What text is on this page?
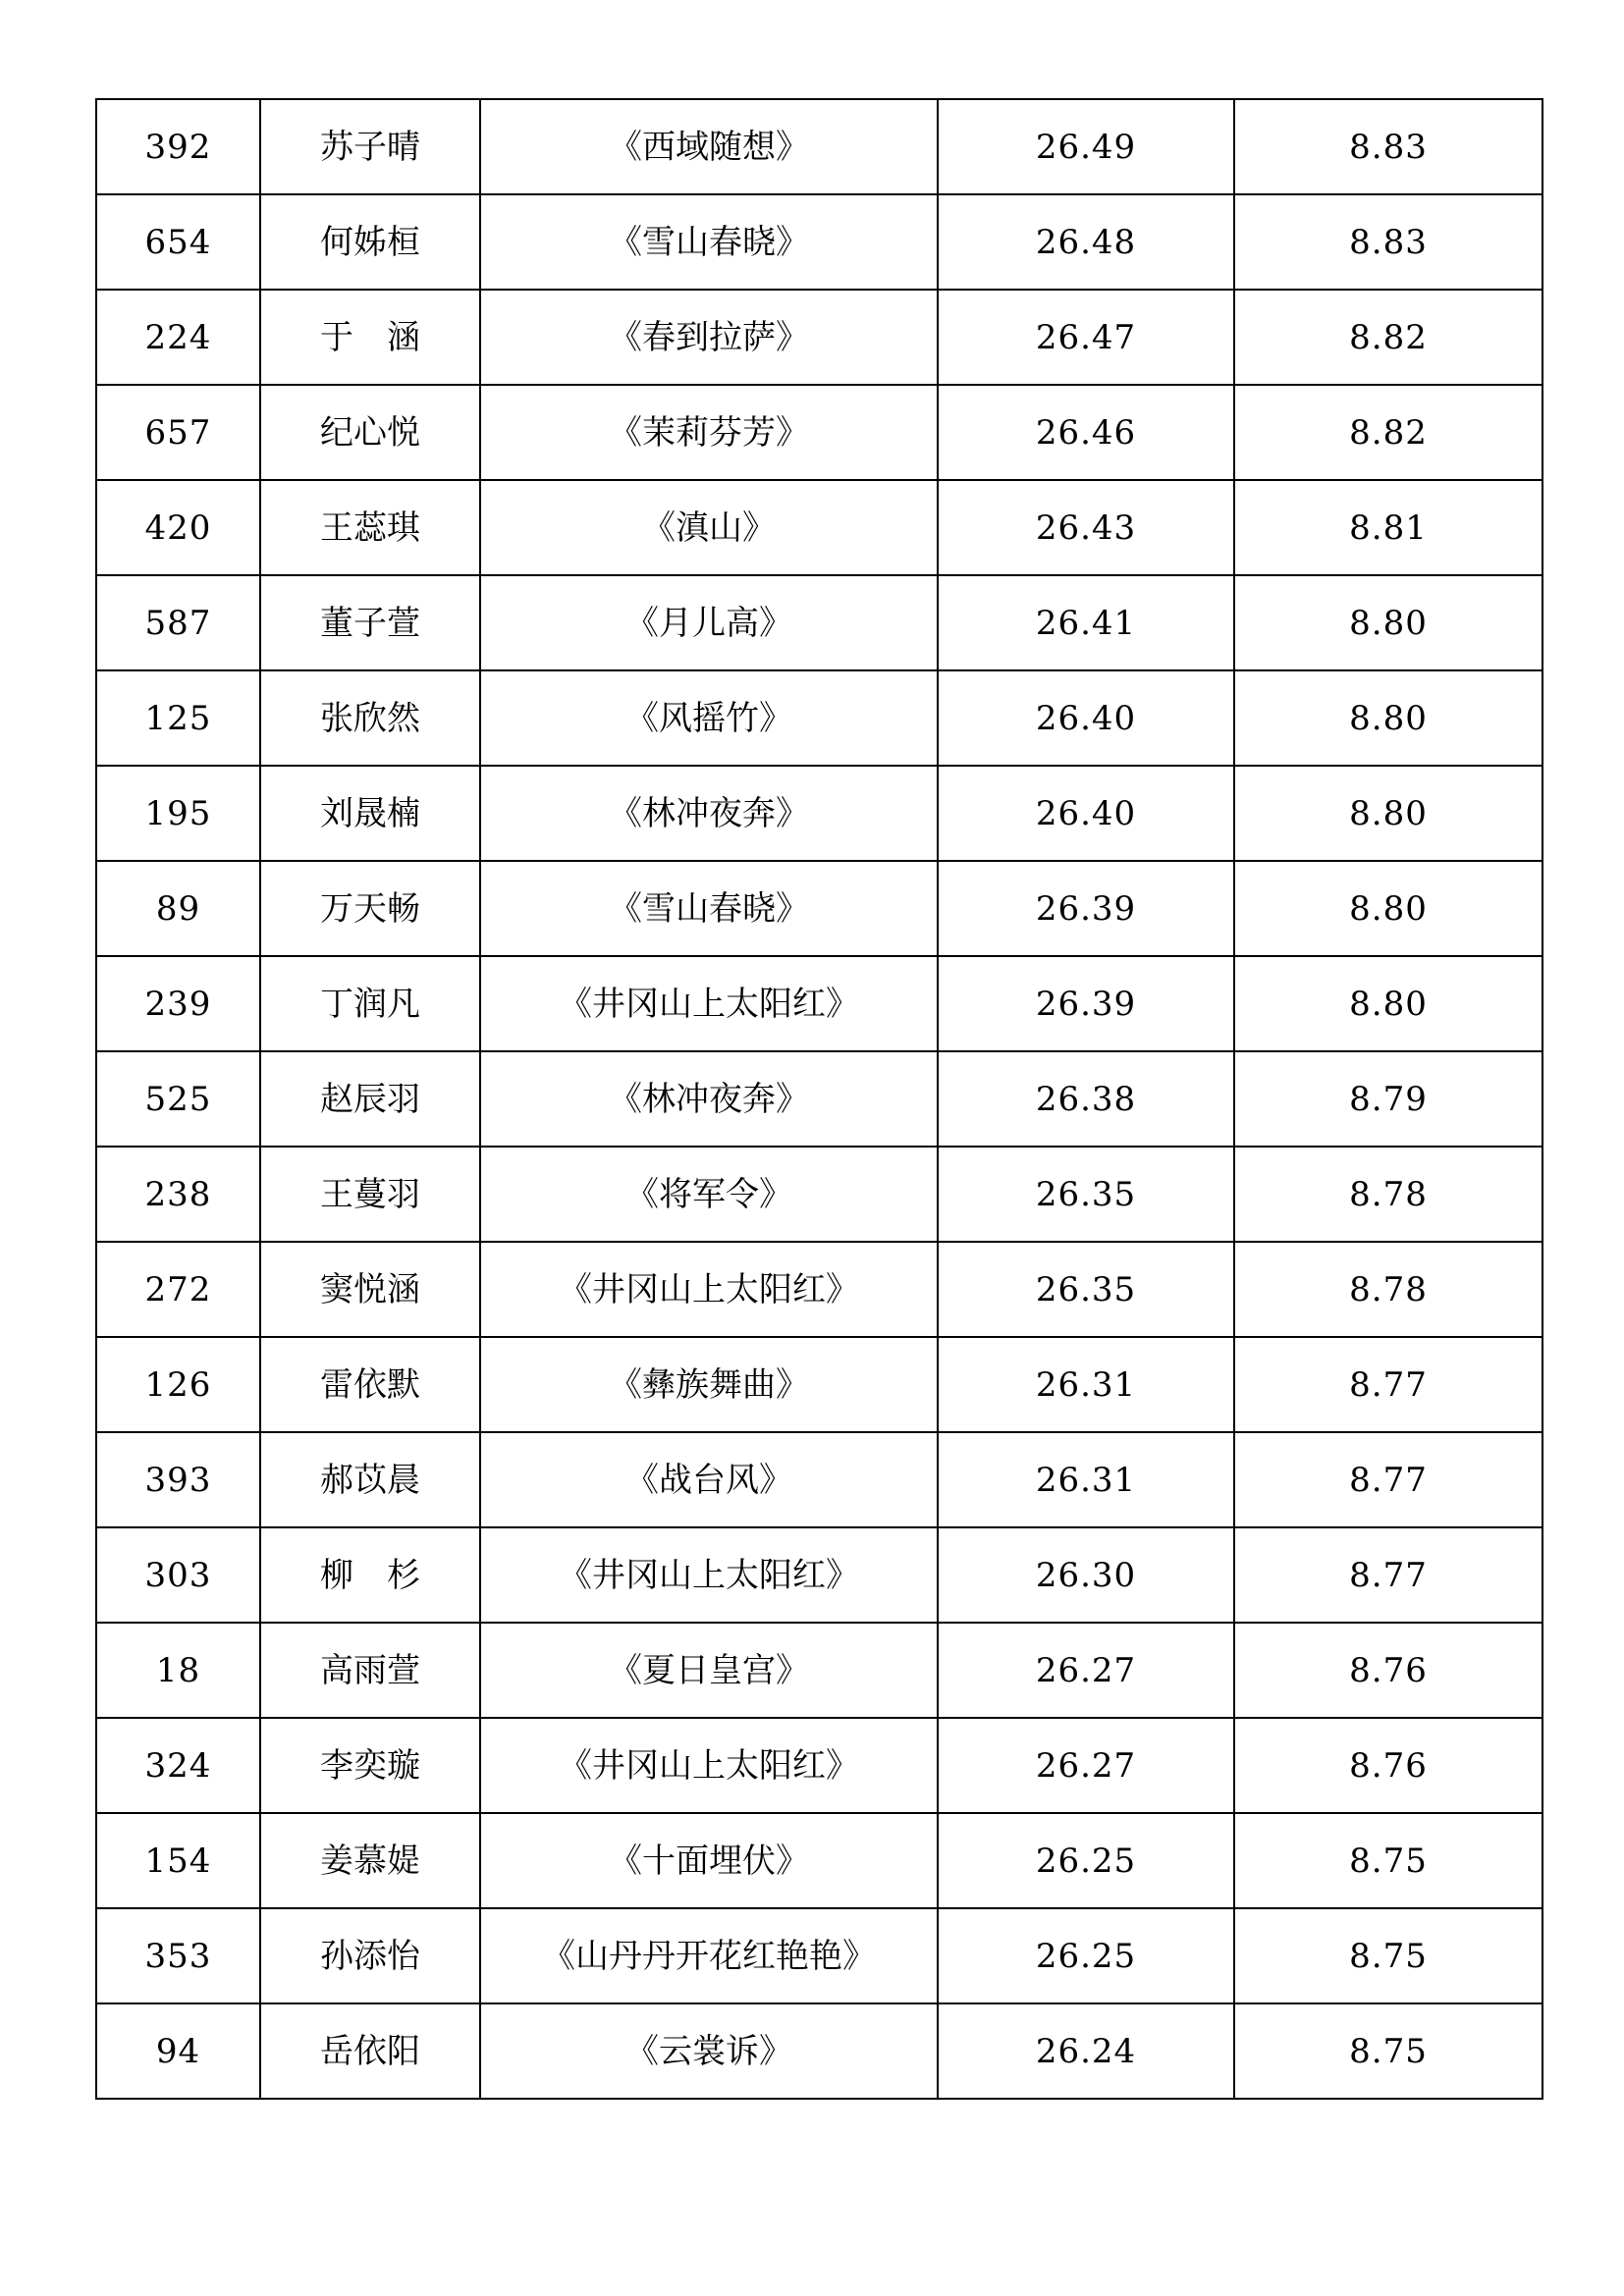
392	苏子晴	《西域随想》	26.49	8.83
654	何姊桓	《雪山春晓》	26.48	8.83
224	于　涵	《春到拉萨》	26.47	8.82
657	纪心悦	《茉莉芬芳》	26.46	8.82
420	王蕊琪	《滇山》	26.43	8.81
587	董子萱	《月儿高》	26.41	8.80
125	张欣然	《风摇竹》	26.40	8.80
195	刘晟楠	《林冲夜奔》	26.40	8.80
89	万天畅	《雪山春晓》	26.39	8.80
239	丁润凡	《井冈山上太阳红》	26.39	8.80
525	赵辰羽	《林冲夜奔》	26.38	8.79
238	王蔓羽	《将军令》	26.35	8.78
272	窦悦涵	《井冈山上太阳红》	26.35	8.78
126	雷依默	《彝族舞曲》	26.31	8.77
393	郝苡晨	《战台风》	26.31	8.77
303	柳　杉	《井冈山上太阳红》	26.30	8.77
18	高雨萱	《夏日皇宫》	26.27	8.76
324	李奕璇	《井冈山上太阳红》	26.27	8.76
154	姜慕媞	《十面埋伏》	26.25	8.75
353	孙添怡	《山丹丹开花红艳艳》	26.25	8.75
94	岳依阳	《云裳诉》	26.24	8.75
